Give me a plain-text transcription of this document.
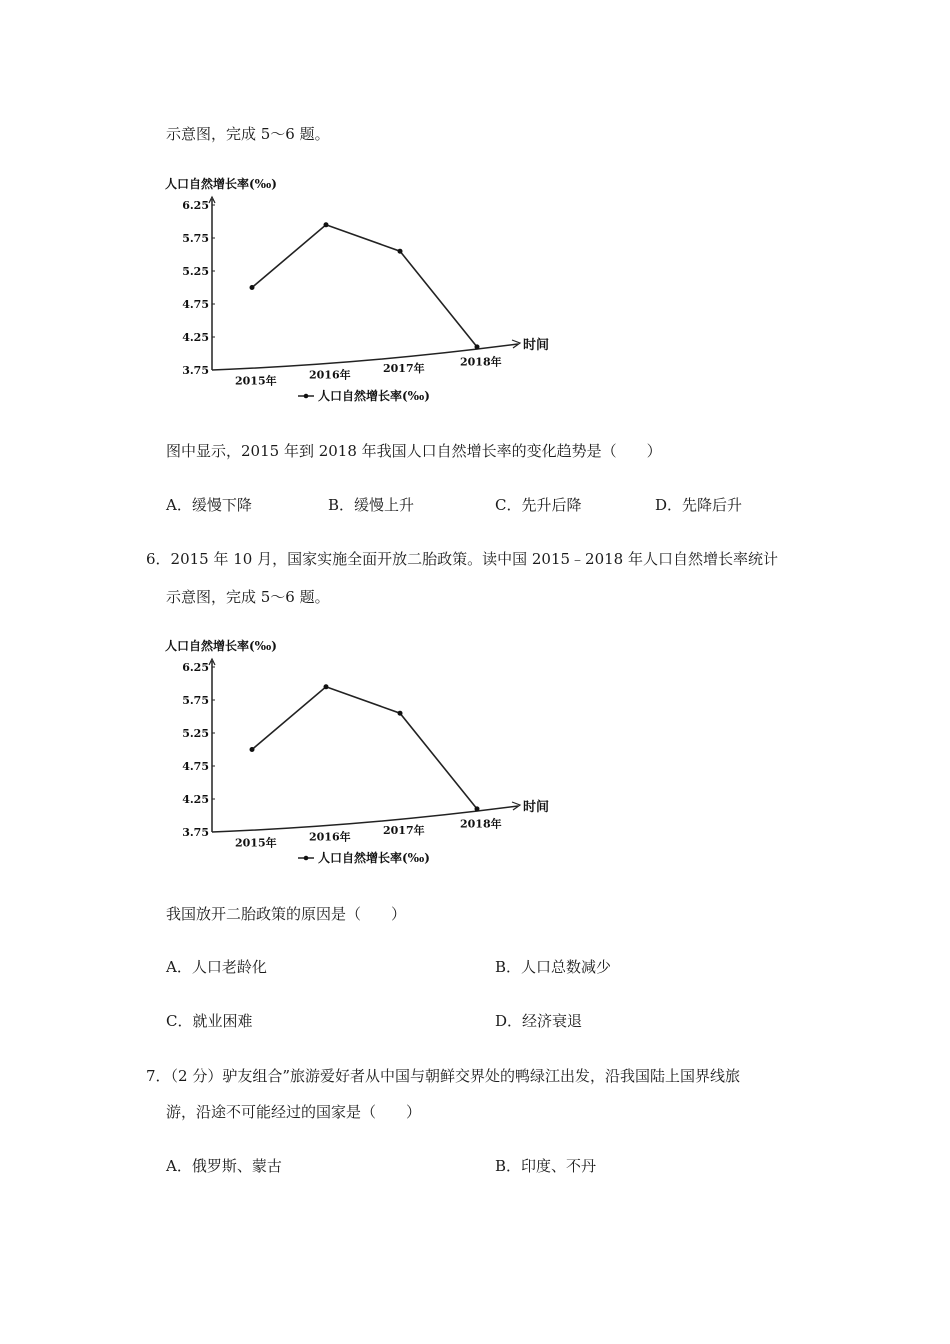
示意图，完成 5～6 题。
人口自然增长率(‰)
6.25
5.75
5.25
4.75
4.25
3.75
时间
2015年	2016年	2017年
2018年
人口自然增长率(‰)
图中显示，2015 年到 2018 年我国人口自然增长率的变化趋势是（　　）
A．缓慢下降	B．缓慢上升	C．先升后降	D．先降后升
6．2015 年 10 月，国家实施全面开放二胎政策。读中国 2015﹣2018 年人口自然增长率统计
示意图，完成 5～6 题。
人口自然增长率(‰)
6.25
5.75
5.25
4.75
4.25
3.75
时间
2015年	2016年	2017年
2018年
人口自然增长率(‰)
我国放开二胎政策的原因是（　　）
A．人口老龄化	B．人口总数减少
C．就业困难	D．经济衰退
7．（2 分）驴友组合”旅游爱好者从中国与朝鲜交界处的鸭绿江出发，沿我国陆上国界线旅
游，沿途不可能经过的国家是（　　）
A．俄罗斯、蒙古	B．印度、不丹
